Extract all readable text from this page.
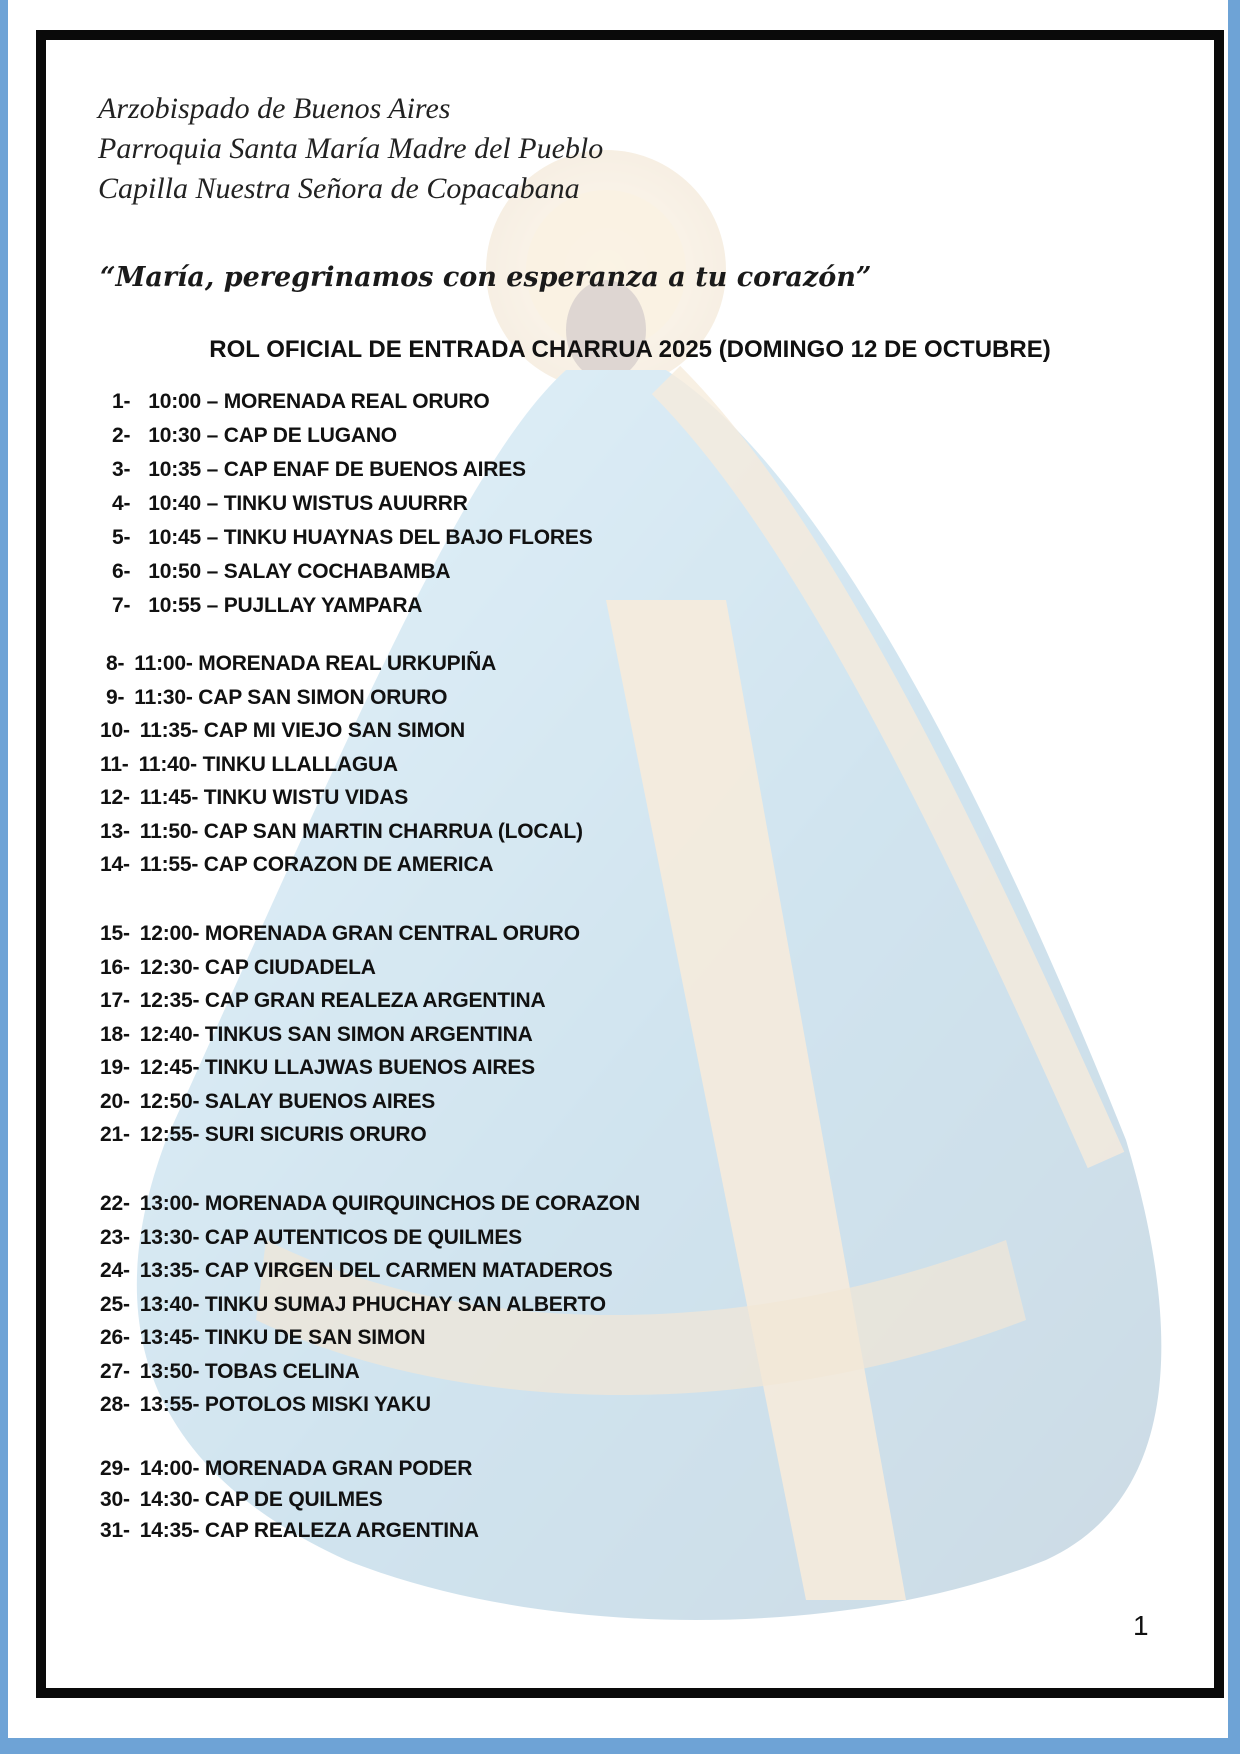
Arzobispado de Buenos Aires
Parroquia Santa María Madre del Pueblo
Capilla Nuestra Señora de Copacabana
“María, peregrinamos con esperanza a tu corazón”
ROL OFICIAL DE ENTRADA CHARRUA 2025 (DOMINGO 12 DE OCTUBRE)
1- 10:00 – MORENADA REAL ORURO
2- 10:30 – CAP DE LUGANO
3- 10:35 – CAP ENAF DE BUENOS AIRES
4- 10:40 – TINKU WISTUS AUURRR
5- 10:45 – TINKU HUAYNAS DEL BAJO FLORES
6- 10:50 – SALAY COCHABAMBA
7- 10:55 – PUJLLAY YAMPARA
8- 11:00- MORENADA REAL URKUPIÑA
9- 11:30- CAP SAN SIMON ORURO
10- 11:35- CAP MI VIEJO SAN SIMON
11- 11:40- TINKU LLALLAGUA
12- 11:45- TINKU WISTU VIDAS
13- 11:50- CAP SAN MARTIN CHARRUA (LOCAL)
14- 11:55- CAP CORAZON DE AMERICA
15- 12:00- MORENADA GRAN CENTRAL ORURO
16- 12:30- CAP CIUDADELA
17- 12:35- CAP GRAN REALEZA ARGENTINA
18- 12:40- TINKUS SAN SIMON ARGENTINA
19- 12:45- TINKU LLAJWAS BUENOS AIRES
20- 12:50- SALAY BUENOS AIRES
21- 12:55- SURI SICURIS ORURO
22- 13:00- MORENADA QUIRQUINCHOS DE CORAZON
23- 13:30- CAP AUTENTICOS DE QUILMES
24- 13:35- CAP VIRGEN DEL CARMEN MATADEROS
25- 13:40- TINKU SUMAJ PHUCHAY SAN ALBERTO
26- 13:45- TINKU DE SAN SIMON
27- 13:50- TOBAS CELINA
28- 13:55- POTOLOS MISKI YAKU
29- 14:00- MORENADA GRAN PODER
30- 14:30- CAP DE QUILMES
31- 14:35- CAP REALEZA ARGENTINA
1
